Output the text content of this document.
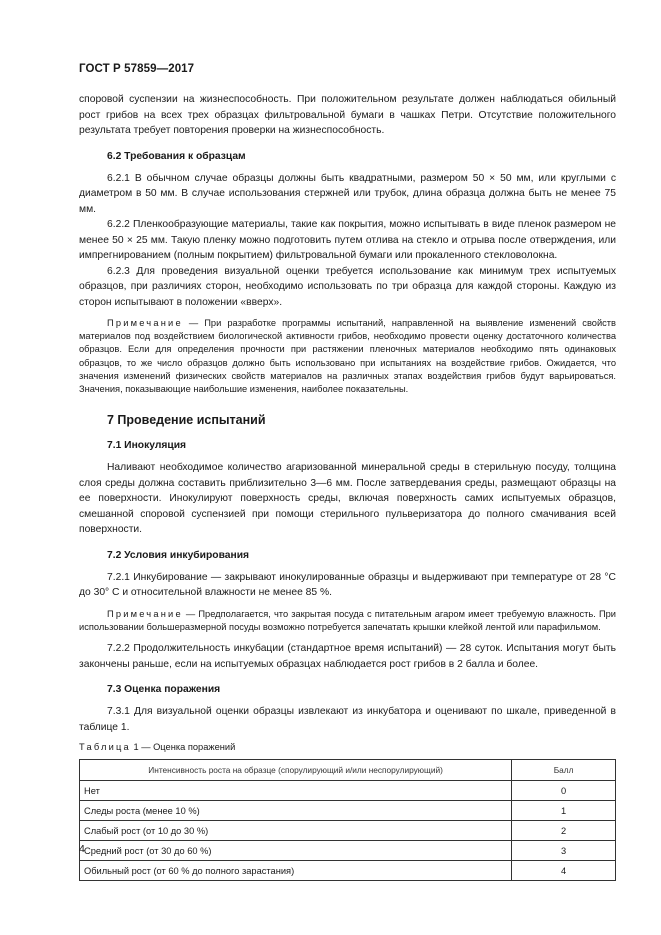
ГОСТ Р 57859—2017

споровой суспензии на жизнеспособность. При положительном результате должен наблюдаться обильный рост грибов на всех трех образцах фильтровальной бумаги в чашках Петри. Отсутствие положительного результата требует повторения проверки на жизнеспособность.

6.2 Требования к образцам

6.2.1 В обычном случае образцы должны быть квадратными, размером 50 × 50 мм, или круглыми с диаметром в 50 мм. В случае использования стержней или трубок, длина образца должна быть не менее 75 мм.

6.2.2 Пленкообразующие материалы, такие как покрытия, можно испытывать в виде пленок размером не менее 50 × 25 мм. Такую пленку можно подготовить путем отлива на стекло и отрыва после отверждения, или импрегнированием (полным покрытием) фильтровальной бумаги или прокаленного стекловолокна.

6.2.3 Для проведения визуальной оценки требуется использование как минимум трех испытуемых образцов, при различиях сторон, необходимо использовать по три образца для каждой стороны. Каждую из сторон испытывают в положении «вверх».

Примечание — При разработке программы испытаний, направленной на выявление изменений свойств материалов под воздействием биологической активности грибов, необходимо провести оценку достаточного количества образцов. Если для определения прочности при растяжении пленочных материалов необходимо пять одинаковых образцов, то же число образцов должно быть использовано при испытаниях на воздействие грибов. Ожидается, что значения изменений физических свойств материалов на различных этапах воздействия грибов будут варьироваться. Значения, показывающие наибольшие изменения, наиболее показательны.

7 Проведение испытаний
7.1 Инокуляция

Наливают необходимое количество агаризованной минеральной среды в стерильную посуду, толщина слоя среды должна составить приблизительно 3—6 мм. После затвердевания среды, размещают образцы на ее поверхности. Инокулируют поверхность среды, включая поверхность самих испытуемых образцов, смешанной споровой суспензией при помощи стерильного пульверизатора до полного смачивания всей поверхности.

7.2 Условия инкубирования

7.2.1 Инкубирование — закрывают инокулированные образцы и выдерживают при температуре от 28 °С до 30° С и относительной влажности не менее 85 %.

Примечание — Предполагается, что закрытая посуда с питательным агаром имеет требуемую влажность. При использовании большеразмерной посуды возможно потребуется запечатать крышки клейкой лентой или парафильмом.

7.2.2 Продолжительность инкубации (стандартное время испытаний) — 28 суток. Испытания могут быть закончены раньше, если на испытуемых образцах наблюдается рост грибов в 2 балла и более.

7.3 Оценка поражения

7.3.1 Для визуальной оценки образцы извлекают из инкубатора и оценивают по шкале, приведенной в таблице 1.

Таблица 1 — Оценка поражений
Интенсивность роста на образце (спорулирующий и/или неспорулирующий)	Балл
Нет	0
Следы роста (менее 10 %)	1
Слабый рост (от 10 до 30 %)	2
Средний рост (от 30 до 60 %)	3
Обильный рост (от 60 % до полного зарастания)	4
4
